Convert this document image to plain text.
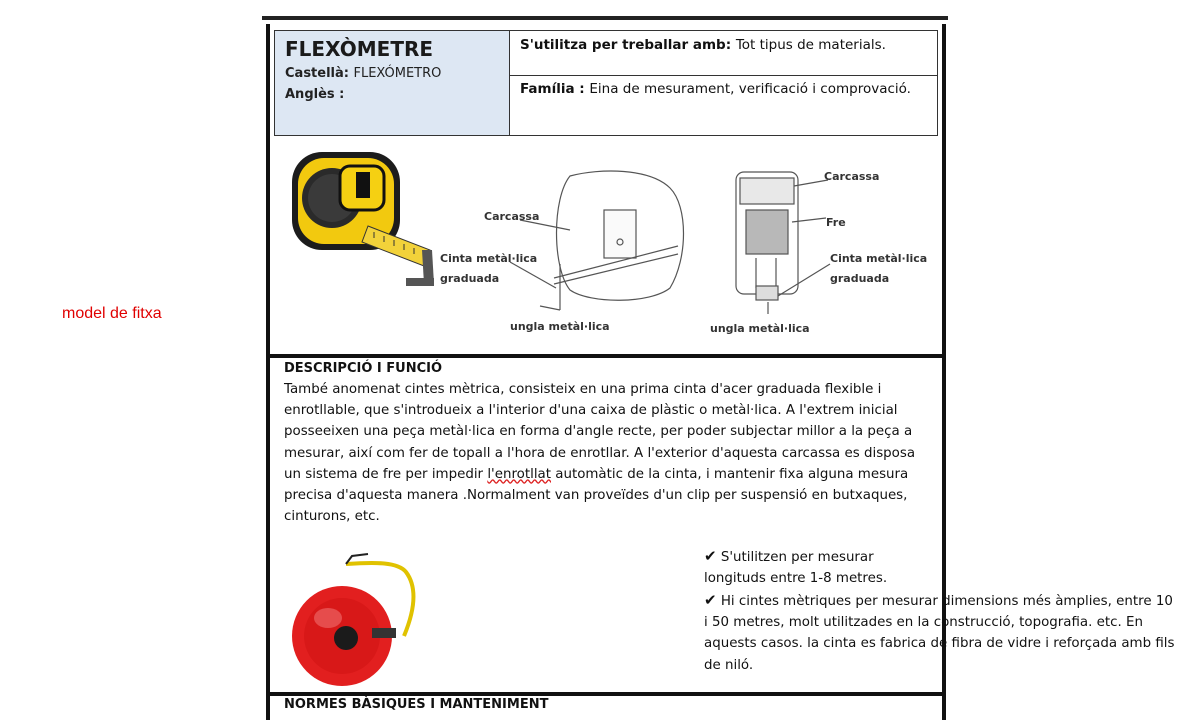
model de fitxa
FLEXÒMETRE
Castellà: FLEXÓMETRO
Anglès :
S'utilitza per treballar amb: Tot tipus de materials.
Família : Eina de mesurament, verificació i comprovació.
Carcassa
Cinta metàl·lica
graduada
ungla metàl·lica
Carcassa
Fre
Cinta metàl·lica
graduada
ungla metàl·lica
DESCRIPCIÓ I FUNCIÓ
També anomenat cintes mètrica, consisteix en una prima cinta d'acer graduada flexible i
enrotllable, que s'introdueix a l'interior d'una caixa de plàstic o metàl·lica. A l'extrem inicial
posseeixen una peça metàl·lica en forma d'angle recte, per poder subjectar millor a la peça a
mesurar, així com fer de topall a l'hora de enrotllar. A l'exterior d'aquesta carcassa es disposa
un sistema de fre per impedir l'enrotllat automàtic de la cinta, i mantenir fixa alguna mesura
precisa d'aquesta manera .Normalment van proveïdes d'un clip per suspensió en butxaques,
cinturons, etc.
✔ S'utilitzen per mesurar longituds entre 1-8 metres.
✔ Hi cintes mètriques per mesurar dimensions més àmplies, entre 10
i 50 metres, molt utilitzades en la construcció, topografia. etc. En
aquests casos. la cinta es fabrica de fibra de vidre i reforçada amb fils
de niló.
NORMES BÀSIQUES I MANTENIMENT
